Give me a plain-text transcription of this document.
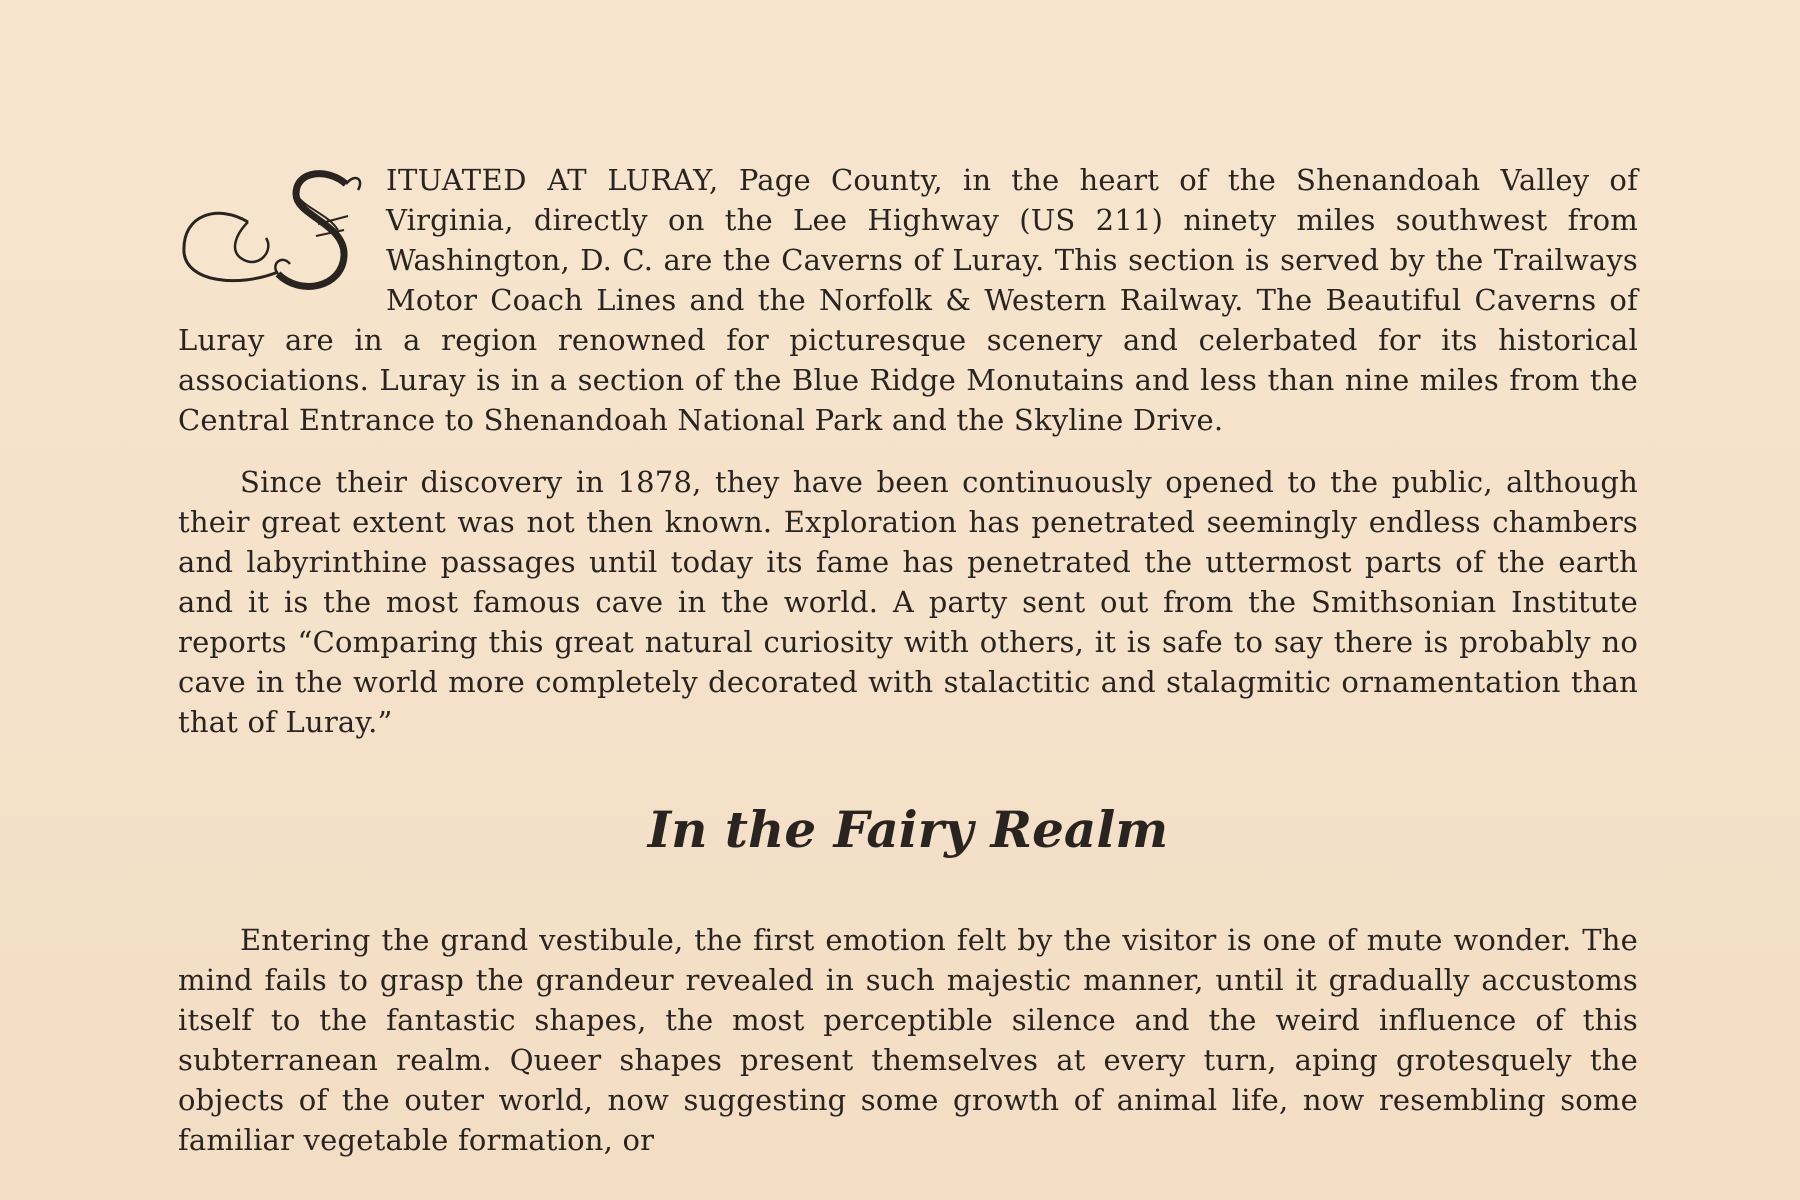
S	ITUATED AT LURAY, Page County, in the heart of the Shenandoah Valley of Virginia, directly on the Lee Highway (US 211) ninety miles southwest from Washington, D. C. are the Caverns of Luray. This section is served by the Trailways Motor Coach Lines and the Norfolk & Western Railway. The Beautiful Caverns of Luray are in a region renowned for picturesque scenery and celerbated for its historical associations. Luray is in a section of the Blue Ridge Monutains and less than nine miles from the Central Entrance to Shenandoah National Park and the Skyline Drive.

Since their discovery in 1878, they have been continuously opened to the public, although their great extent was not then known. Exploration has penetrated seemingly endless chambers and labyrinthine passages until today its fame has penetrated the uttermost parts of the earth and it is the most famous cave in the world. A party sent out from the Smithsonian Institute reports “Comparing this great natural curiosity with others, it is safe to say there is probably no cave in the world more completely decorated with stalactitic and stalagmitic ornamentation than that of Luray.”

In the Fairy Realm

Entering the grand vestibule, the first emotion felt by the visitor is one of mute wonder. The mind fails to grasp the grandeur revealed in such majestic manner, until it gradually accustoms itself to the fantastic shapes, the most perceptible silence and the weird influence of this subterranean realm. Queer shapes present themselves at every turn, aping grotesquely the objects of the outer world, now suggesting some growth of animal life, now resembling some familiar vegetable formation, or
